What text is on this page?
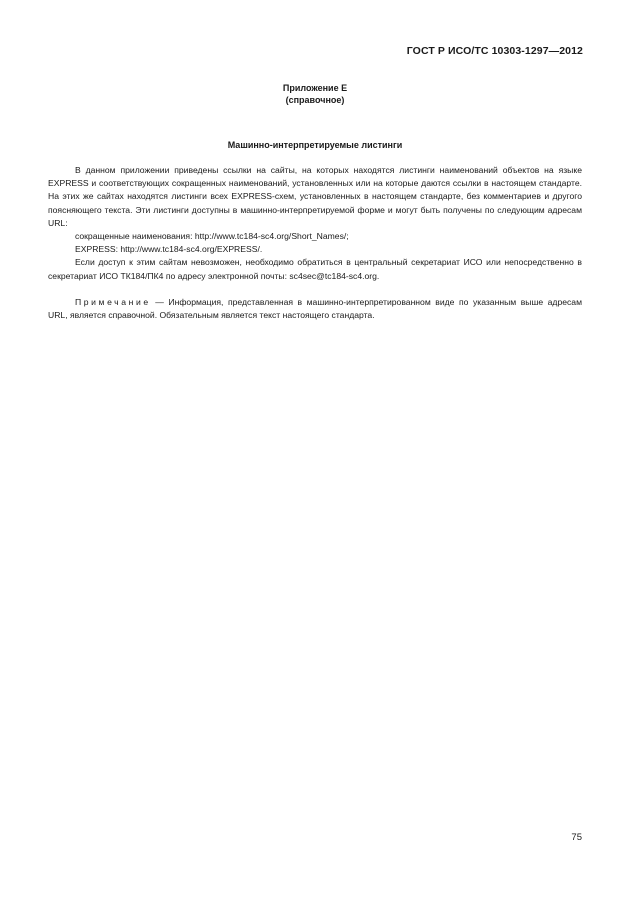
ГОСТ Р ИСО/ТС 10303-1297—2012
Приложение Е
(справочное)
Машинно-интерпретируемые листинги

В данном приложении приведены ссылки на сайты, на которых находятся листинги наименований объектов на языке EXPRESS и соответствующих сокращенных наименований, установленных или на которые даются ссылки в настоящем стандарте. На этих же сайтах находятся листинги всех EXPRESS-схем, установленных в настоящем стандарте, без комментариев и другого поясняющего текста. Эти листинги доступны в машинно-интерпретируемой форме и могут быть получены по следующим адресам URL:

сокращенные наименования: http://www.tc184-sc4.org/Short_Names/;

EXPRESS: http://www.tc184-sc4.org/EXPRESS/.

Если доступ к этим сайтам невозможен, необходимо обратиться в центральный секретариат ИСО или непосредственно в секретариат ИСО ТК184/ПК4 по адресу электронной почты: sc4sec@tc184-sc4.org.

Примечание — Информация, представленная в машинно-интерпретированном виде по указанным выше адресам URL, является справочной. Обязательным является текст настоящего стандарта.

75
